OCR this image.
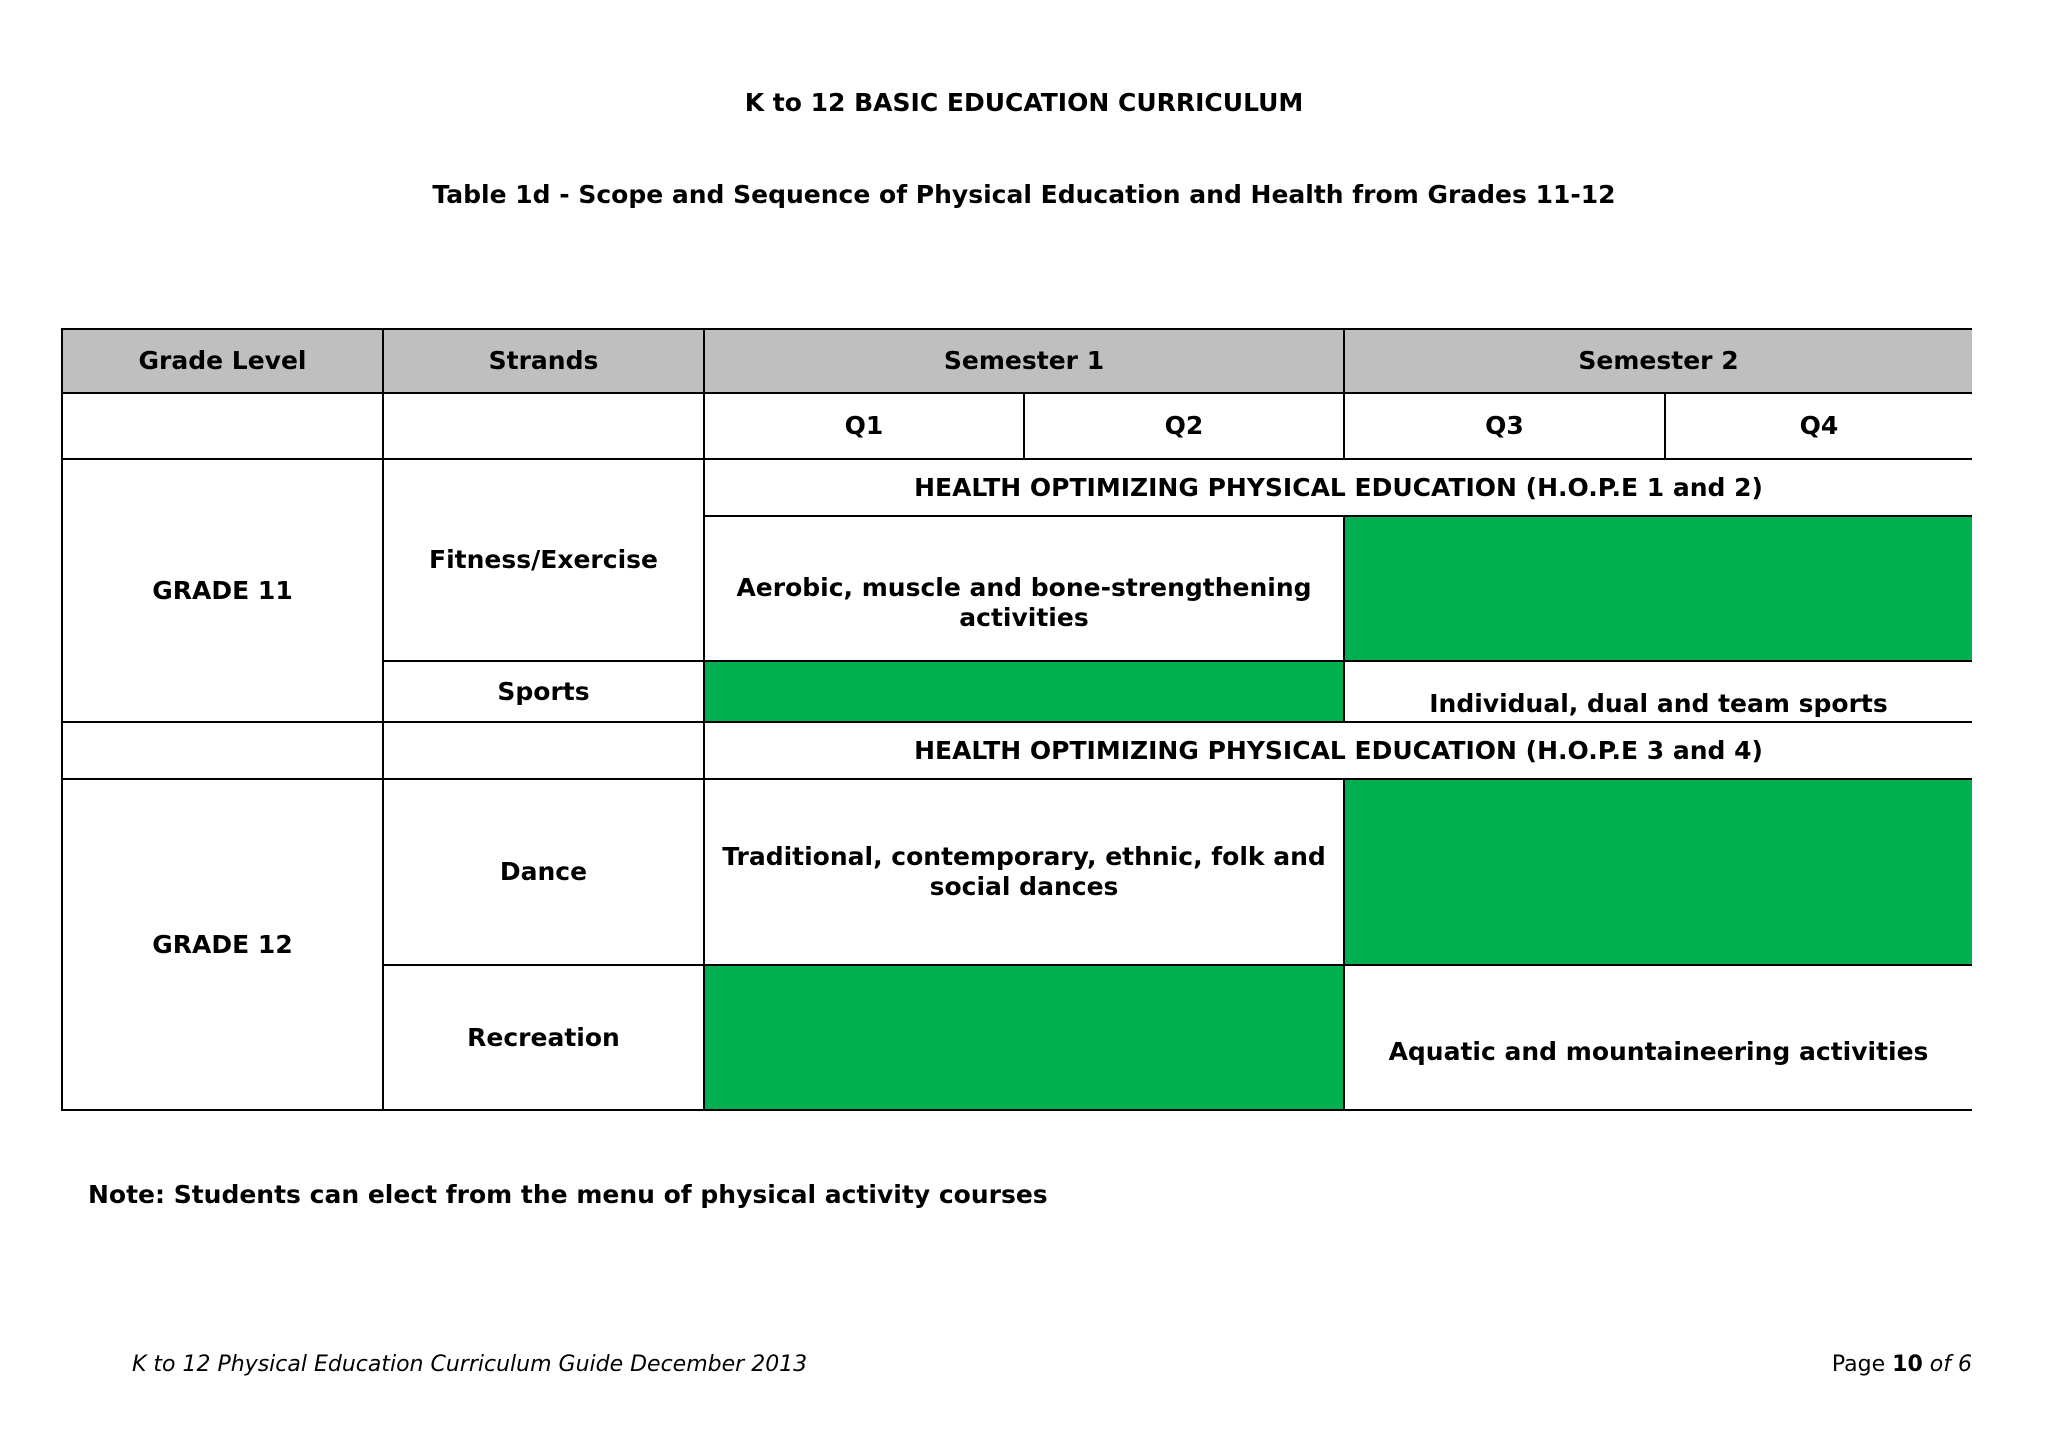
K to 12 BASIC EDUCATION CURRICULUM
Table 1d - Scope and Sequence of Physical Education and Health from Grades 11-12
Grade Level	Strands	Semester 1		Semester 2	
		Q1	Q2	Q3	Q4
GRADE 11	Fitness/Exercise	HEALTH OPTIMIZING PHYSICAL EDUCATION (H.O.P.E 1 and 2)			
		Aerobic, muscle and bone-strengthening activities			
	Sports			Individual, dual and team sports	
		HEALTH OPTIMIZING PHYSICAL EDUCATION (H.O.P.E 3 and 4)			
GRADE 12	Dance	Traditional, contemporary, ethnic, folk and social dances			
	Recreation			Aquatic and mountaineering activities	
Note: Students can elect from the menu of physical activity courses
K to 12 Physical Education Curriculum Guide December 2013	Page 10 of 6
